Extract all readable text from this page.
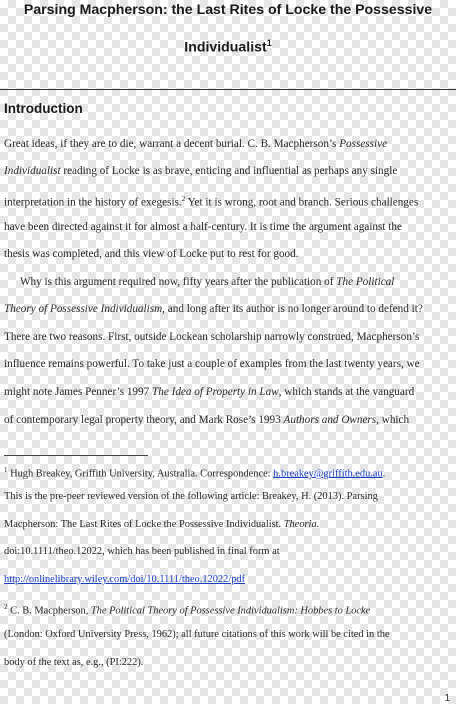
Parsing Macpherson: the Last Rites of Locke the Possessive
Individualist$^1$
Introduction
Great ideas, if they are to die, warrant a decent burial. C. B. Macpherson’s Possessive
Individualist reading of Locke is as brave, enticing and influential as perhaps any single
interpretation in the history of exegesis.$^2$ Yet it is wrong, root and branch. Serious challenges
have been directed against it for almost a half-century. It is time the argument against the
thesis was completed, and this view of Locke put to rest for good.
Why is this argument required now, fifty years after the publication of The Political
Theory of Possessive Individualism, and long after its author is no longer around to defend it?
There are two reasons. First, outside Lockean scholarship narrowly construed, Macpherson’s
influence remains powerful. To take just a couple of examples from the last twenty years, we
might note James Penner’s 1997 The Idea of Property in Law, which stands at the vanguard
of contemporary legal property theory, and Mark Rose’s 1993 Authors and Owners, which
$^1$ Hugh Breakey, Griffith University, Australia. Correspondence: h.breakey@griffith.edu.au.
This is the pre-peer reviewed version of the following article: Breakey, H. (2013). Parsing
Macpherson: The Last Rites of Locke the Possessive Individualist. Theoria.
doi:10.1111/theo.12022, which has been published in final form at
http://onlinelibrary.wiley.com/doi/10.1111/theo.12022/pdf
$^2$ C. B. Macpherson, The Political Theory of Possessive Individualism: Hobbes to Locke
(London: Oxford University Press, 1962); all future citations of this work will be cited in the
body of the text as, e.g., (PI:222).
1
